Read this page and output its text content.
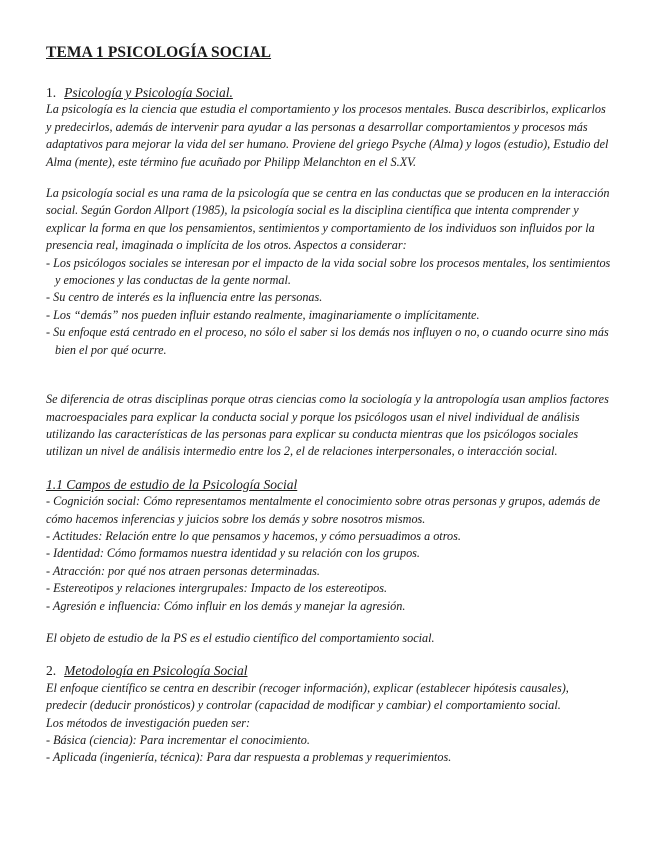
TEMA 1 PSICOLOGÍA SOCIAL
1. Psicología y Psicología Social.

La psicología es la ciencia que estudia el comportamiento y los procesos mentales. Busca describirlos, explicarlos y predecirlos, además de intervenir para ayudar a las personas a desarrollar comportamientos y procesos más adaptativos para mejorar la vida del ser humano. Proviene del griego Psyche (Alma) y logos (estudio), Estudio del Alma (mente), este término fue acuñado por Philipp Melanchton en el S.XV.

La psicología social es una rama de la psicología que se centra en las conductas que se producen en la interacción social. Según Gordon Allport (1985), la psicología social es la disciplina científica que intenta comprender y explicar la forma en que los pensamientos, sentimientos y comportamiento de los individuos son influidos por la presencia real, imaginada o implícita de los otros. Aspectos a considerar:

- Los psicólogos sociales se interesan por el impacto de la vida social sobre los procesos mentales, los sentimientos y emociones y las conductas de la gente normal.
- Su centro de interés es la influencia entre las personas.
- Los “demás” nos pueden influir estando realmente, imaginariamente o implícitamente.
- Su enfoque está centrado en el proceso, no sólo el saber si los demás nos influyen o no, o cuando ocurre sino más bien el por qué ocurre.

Se diferencia de otras disciplinas porque otras ciencias como la sociología y la antropología usan amplios factores macroespaciales para explicar la conducta social y porque los psicólogos usan el nivel individual de análisis utilizando las características de las personas para explicar su conducta mientras que los psicólogos sociales utilizan un nivel de análisis intermedio entre los 2, el de relaciones interpersonales, o interacción social.

1.1 Campos de estudio de la Psicología Social
- Cognición social: Cómo representamos mentalmente el conocimiento sobre otras personas y grupos, además de cómo hacemos inferencias y juicios sobre los demás y sobre nosotros mismos.
- Actitudes: Relación entre lo que pensamos y hacemos, y cómo persuadimos a otros.
- Identidad: Cómo formamos nuestra identidad y su relación con los grupos.
- Atracción: por qué nos atraen personas determinadas.
- Estereotipos y relaciones intergrupales: Impacto de los estereotipos.
- Agresión e influencia: Cómo influir en los demás y manejar la agresión.

El objeto de estudio de la PS es el estudio científico del comportamiento social.

2. Metodología en Psicología Social

El enfoque científico se centra en describir (recoger información), explicar (establecer hipótesis causales), predecir (deducir pronósticos) y controlar (capacidad de modificar y cambiar) el comportamiento social.

Los métodos de investigación pueden ser:

- Básica (ciencia): Para incrementar el conocimiento.
- Aplicada (ingeniería, técnica): Para dar respuesta a problemas y requerimientos.
